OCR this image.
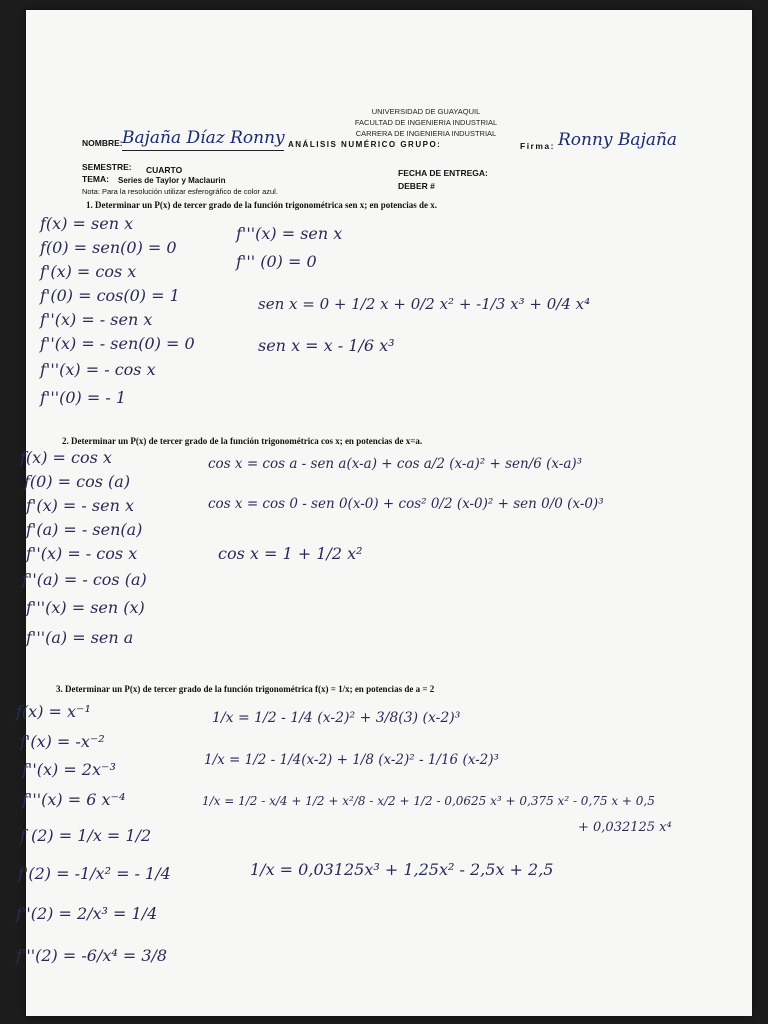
UNIVERSIDAD DE GUAYAQUIL
FACULTAD DE INGENIERIA INDUSTRIAL
CARRERA DE INGENIERIA INDUSTRIAL
NOMBRE: Bajaña Díaz Ronny ANÁLISIS NUMÉRICO GRUPO:	Firma: Ronny Bajaña
SEMESTRE: CUARTO
TEMA: Series de Taylor y Maclaurin
FECHA DE ENTREGA:
DEBER #
Nota: Para la resolución utilizar esferográfico de color azul.
1. Determinar un P(x) de tercer grado de la función trigonométrica sen x; en potencias de x.
f(x) = sen x
f(0) = sen(0) = 0
f'(x) = cos x
f'(0) = cos(0) = 1
f''(x) = - sen x
f''(x) = - sen(0) = 0
f'''(x) = - cos x
f'''(0) = - 1
f'''(x) = sen x
f''' (0) = 0
sen x = 0 + 1/2 x + 0/2 x² + -1/3 x³ + 0/4 x⁴
sen x = x - 1/6 x³
2. Determinar un P(x) de tercer grado de la función trigonométrica cos x; en potencias de x=a.
f(x) = cos x
f(0) = cos (a)
f'(x) = - sen x
f'(a) = - sen(a)
f''(x) = - cos x
f''(a) = - cos (a)
f'''(x) = sen (x)
f'''(a) = sen a
cos x = cos a - sen a(x-a) + cos a/2 (x-a)² + sen/6 (x-a)³
cos x = cos 0 - sen 0(x-0) + cos² 0/2 (x-0)² + sen 0/0 (x-0)³
cos x = 1 + 1/2 x²
3. Determinar un P(x) de tercer grado de la función trigonométrica f(x) = 1/x; en potencias de a = 2
f(x) = x⁻¹
f'(x) = -x⁻²
f''(x) = 2x⁻³
f'''(x) = 6 x⁻⁴
f (2) = 1/x = 1/2
f'(2) = -1/x² = - 1/4
f''(2) = 2/x³ = 1/4
f'''(2) = -6/x⁴ = 3/8
1/x = 1/2 - 1/4 (x-2)² + 3/8(3) (x-2)³
1/x = 1/2 - 1/4(x-2) + 1/8 (x-2)² - 1/16 (x-2)³
1/x = 1/2 - x/4 + 1/2 + x²/8 - x/2 + 1/2 - 0,0625 x³ + 0,375 x² - 0,75 x + 0,5
+ 0,032125 x⁴
1/x = 0,03125x³ + 1,25x² - 2,5x + 2,5
